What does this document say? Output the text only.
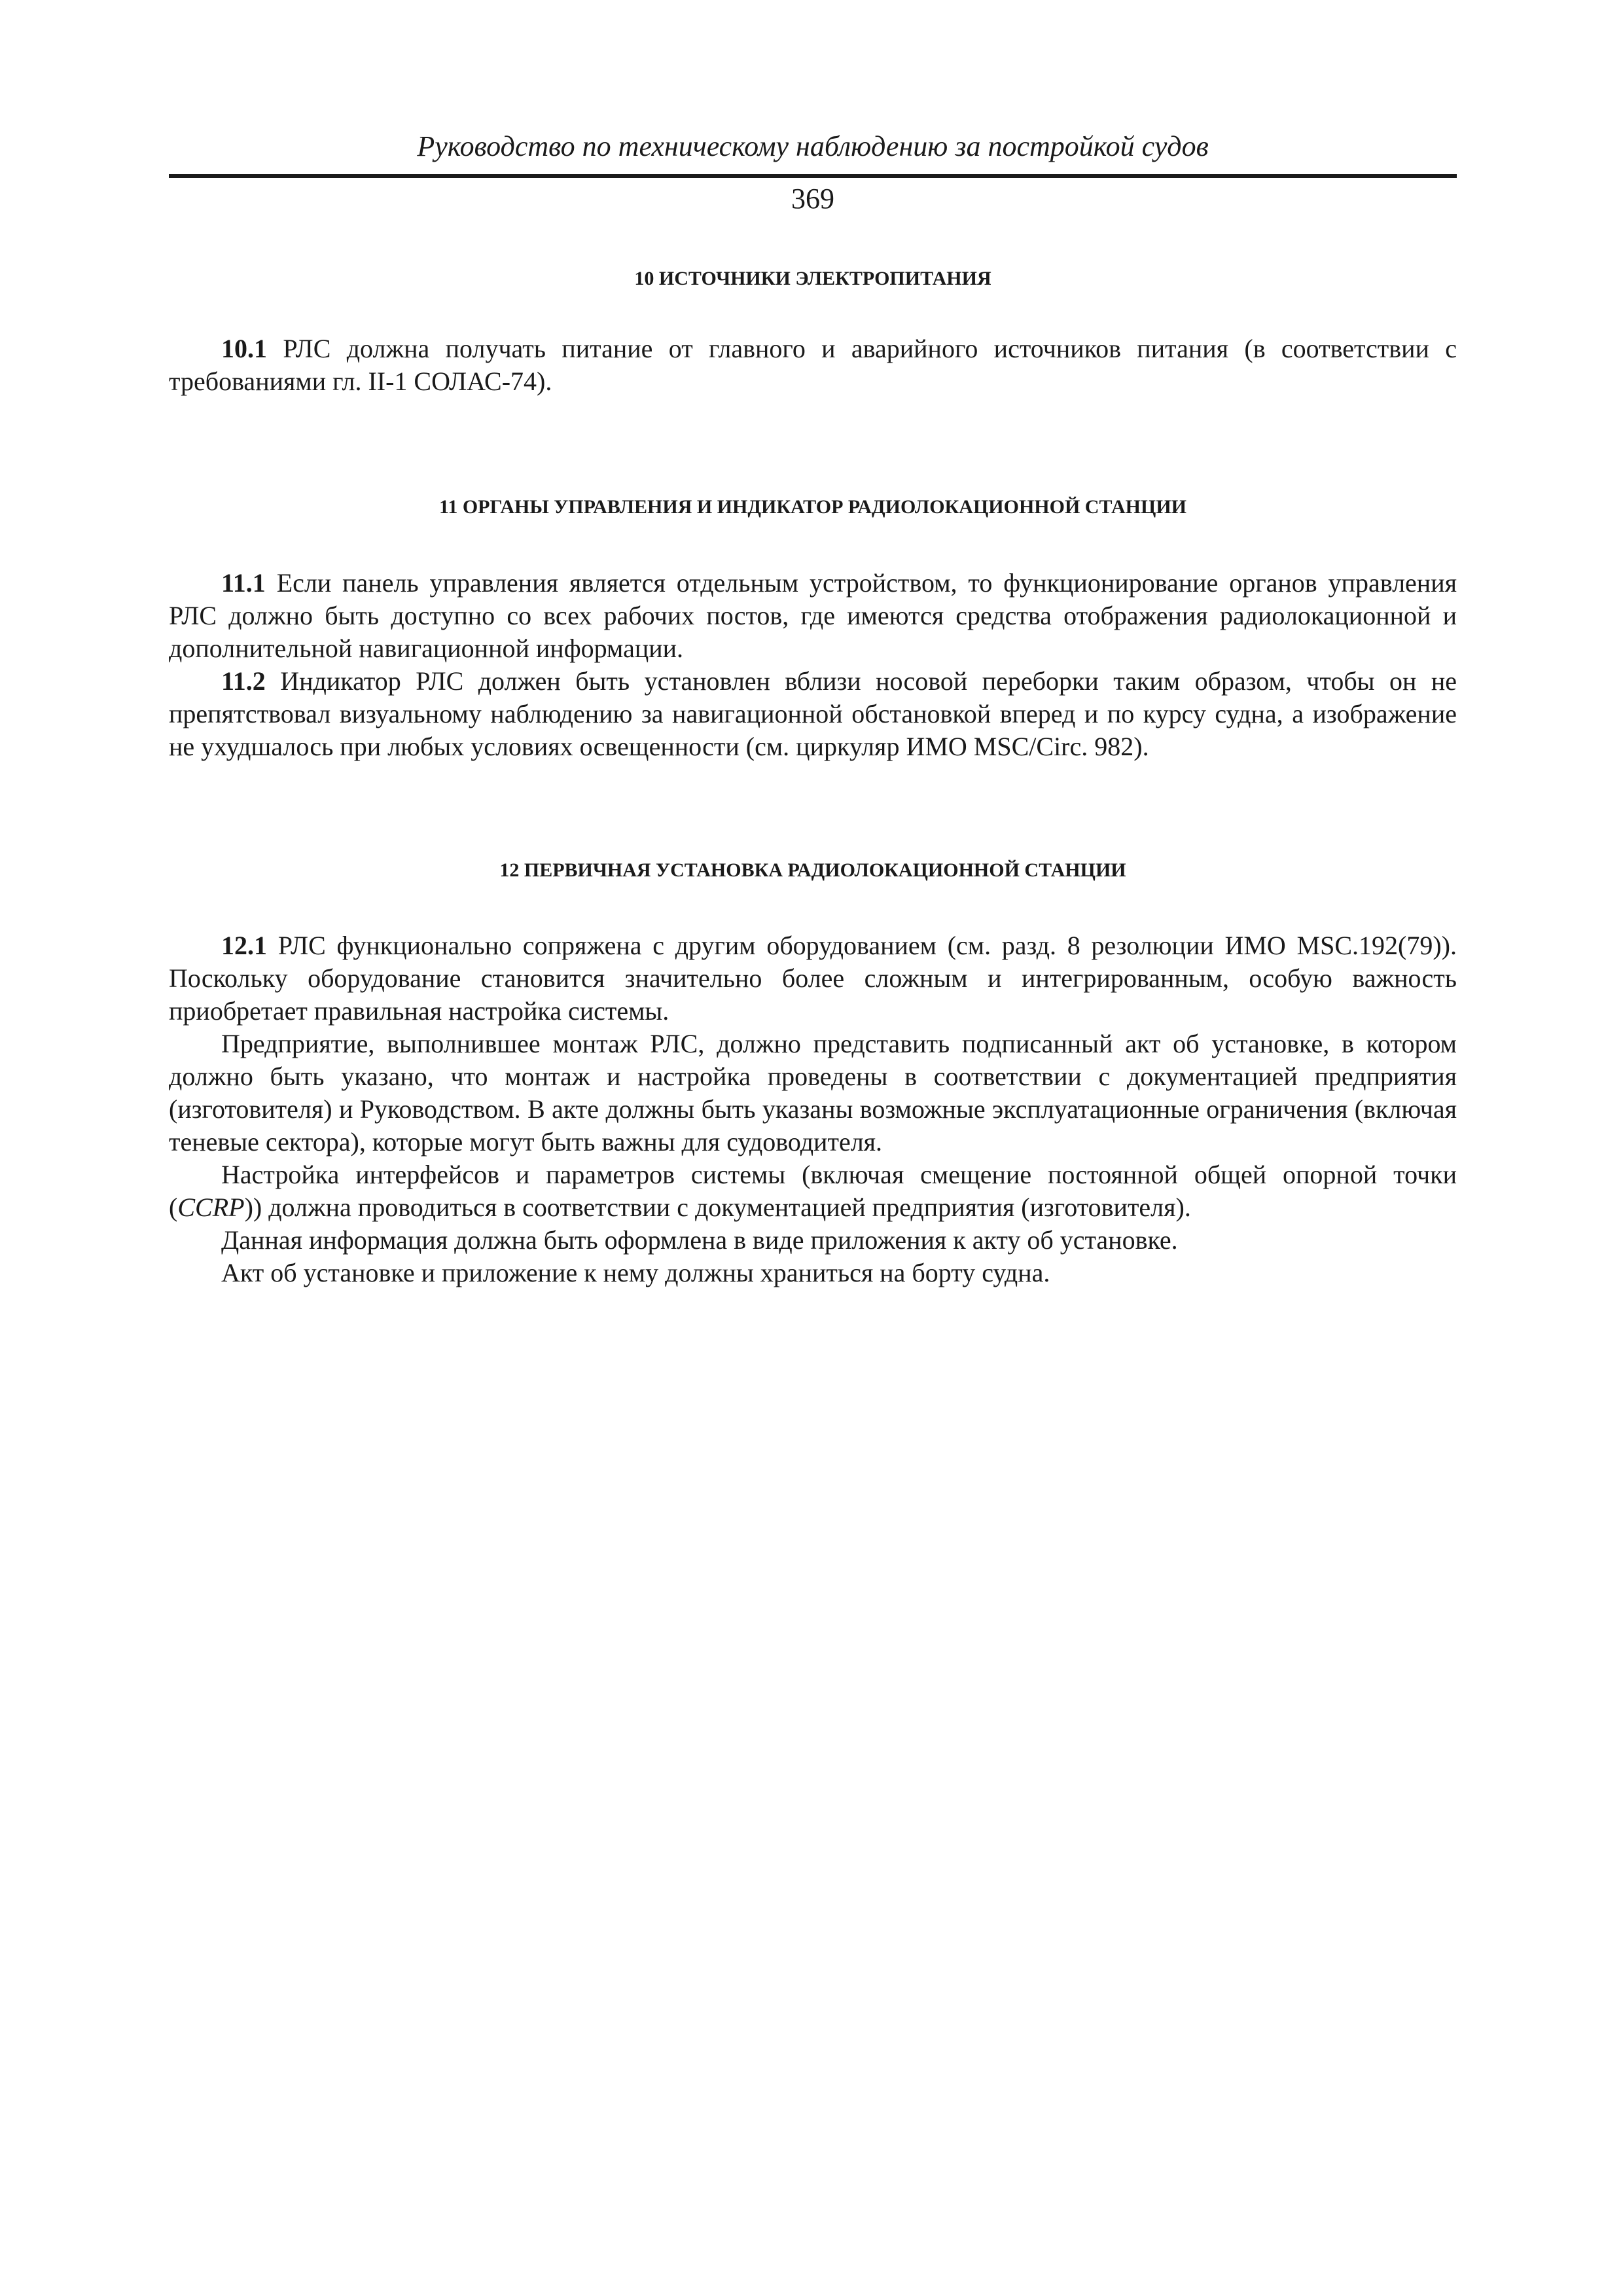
Руководство по техническому наблюдению за постройкой судов
369
10 ИСТОЧНИКИ ЭЛЕКТРОПИТАНИЯ

10.1 РЛС должна получать питание от главного и аварийного источников питания (в соответствии с требованиями гл. II-1 СОЛАС-74).

11 ОРГАНЫ УПРАВЛЕНИЯ И ИНДИКАТОР РАДИОЛОКАЦИОННОЙ СТАНЦИИ

11.1 Если панель управления является отдельным устройством, то функционирование органов управления РЛС должно быть доступно со всех рабочих постов, где имеются средства отображения радиолокационной и дополнительной навигационной информации.

11.2 Индикатор РЛС должен быть установлен вблизи носовой переборки таким образом, чтобы он не препятствовал визуальному наблюдению за навигационной обстановкой вперед и по курсу судна, а изображение не ухудшалось при любых условиях освещенности (см. циркуляр ИМО MSC/Circ. 982).

12 ПЕРВИЧНАЯ УСТАНОВКА РАДИОЛОКАЦИОННОЙ СТАНЦИИ

12.1 РЛС функционально сопряжена с другим оборудованием (см. разд. 8 резолюции ИМО MSC.192(79)). Поскольку оборудование становится значительно более сложным и интегрированным, особую важность приобретает правильная настройка системы.

Предприятие, выполнившее монтаж РЛС, должно представить подписанный акт об установке, в котором должно быть указано, что монтаж и настройка проведены в соответствии с документацией предприятия (изготовителя) и Руководством. В акте должны быть указаны возможные эксплуатационные ограничения (включая теневые сектора), которые могут быть важны для судоводителя.

Настройка интерфейсов и параметров системы (включая смещение постоянной общей опорной точки (CCRP)) должна проводиться в соответствии с документацией предприятия (изготовителя).

Данная информация должна быть оформлена в виде приложения к акту об установке.

Акт об установке и приложение к нему должны храниться на борту судна.
